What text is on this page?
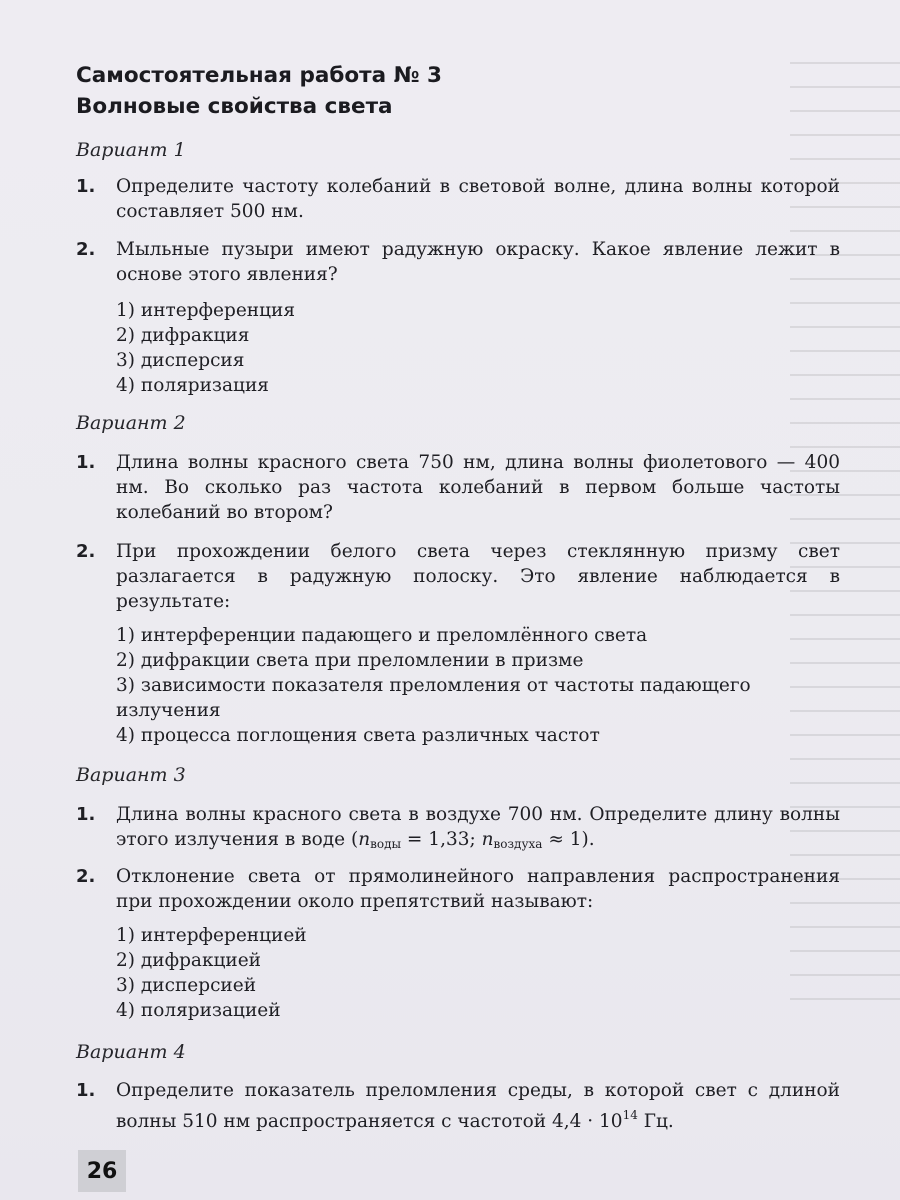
Самостоятельная работа № 3
Волновые свойства света
Вариант 1
1. Определите частоту колебаний в световой волне, длина волны которой составляет 500 нм.
2. Мыльные пузыри имеют радужную окраску. Какое явление лежит в основе этого явления?
1) интерференция
2) дифракция
3) дисперсия
4) поляризация
Вариант 2
1. Длина волны красного света 750 нм, длина волны фиолетового — 400 нм. Во сколько раз частота колебаний в первом больше частоты колебаний во втором?
2. При прохождении белого света через стеклянную призму свет разлагается в радужную полоску. Это явление наблюдается в результате:
1) интерференции падающего и преломлённого света
2) дифракции света при преломлении в призме
3) зависимости показателя преломления от частоты падающего излучения
4) процесса поглощения света различных частот
Вариант 3
1. Длина волны красного света в воздухе 700 нм. Определите длину волны этого излучения в воде ($n_{воды} = 1,33$; $n_{воздуха} \approx 1$).
2. Отклонение света от прямолинейного направления распространения при прохождении около препятствий называют:
1) интерференцией
2) дифракцией
3) дисперсией
4) поляризацией
Вариант 4
1. Определите показатель преломления среды, в которой свет с длиной волны 510 нм распространяется с частотой $4,4 \cdot 10^{14}$ Гц.
26
